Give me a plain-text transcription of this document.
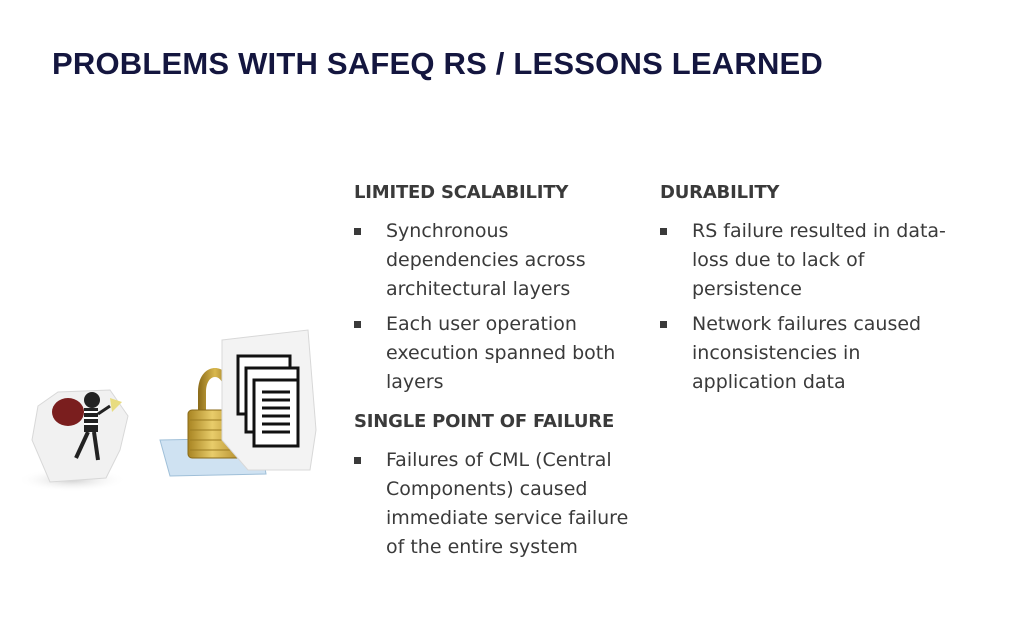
PROBLEMS WITH SAFEQ RS / LESSONS LEARNED
LIMITED SCALABILITY
Synchronous dependencies across architectural layers
Each user operation execution spanned both layers
SINGLE POINT OF FAILURE
Failures of CML (Central Components) caused immediate service failure of the entire system
DURABILITY
RS failure resulted in data-loss due to lack of persistence
Network failures caused inconsistencies in application data
